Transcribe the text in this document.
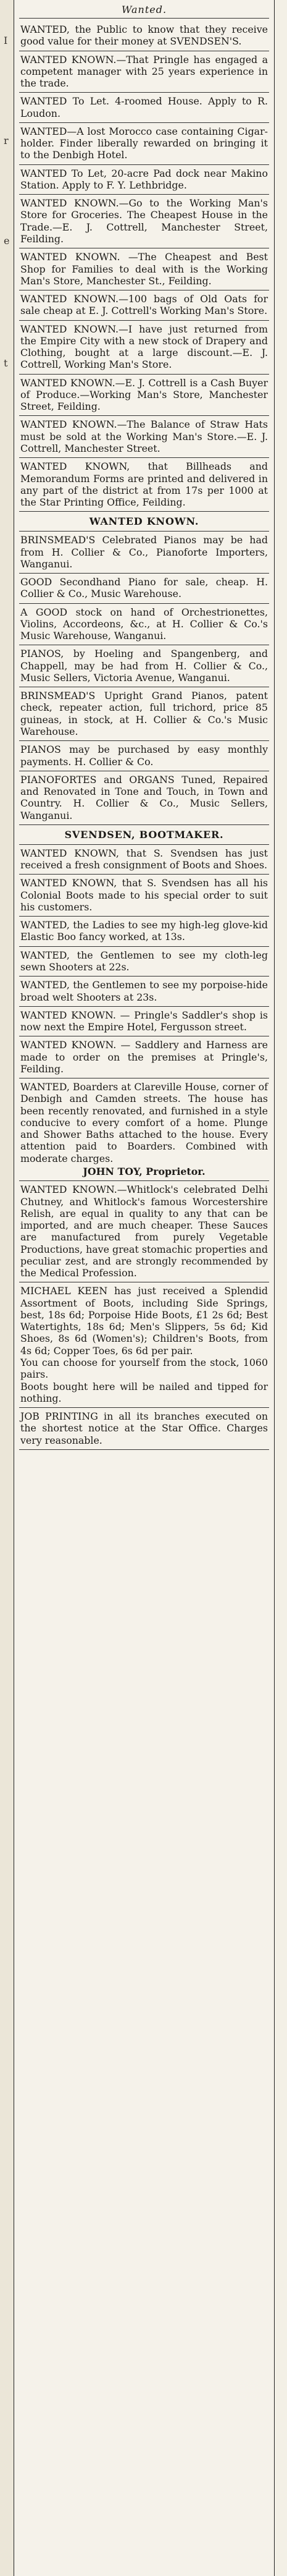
I
r
e
t
Wanted.
WANTED, the Public to know that they receive good value for their money at SVENDSEN'S.
WANTED KNOWN.—That Pringle has engaged a competent manager with 25 years experience in the trade.
WANTED To Let. 4-roomed House. Apply to R. Loudon.
WANTED—A lost Morocco case containing Cigar-holder. Finder liberally rewarded on bringing it to the Denbigh Hotel.
WANTED To Let, 20-acre Pad dock near Makino Station. Apply to F. Y. Lethbridge.
WANTED KNOWN.—Go to the Working Man's Store for Groceries. The Cheapest House in the Trade.—E. J. Cottrell, Manchester Street, Feilding.
WANTED KNOWN. —The Cheapest and Best Shop for Families to deal with is the Working Man's Store, Manchester St., Feilding.
WANTED KNOWN.—100 bags of Old Oats for sale cheap at E. J. Cottrell's Working Man's Store.
WANTED KNOWN.—I have just returned from the Empire City with a new stock of Drapery and Clothing, bought at a large discount.—E. J. Cottrell, Working Man's Store.
WANTED KNOWN.—E. J. Cottrell is a Cash Buyer of Produce.—Working Man's Store, Manchester Street, Feilding.
WANTED KNOWN.—The Balance of Straw Hats must be sold at the Working Man's Store.—E. J. Cottrell, Manchester Street.
WANTED KNOWN, that Billheads and Memorandum Forms are printed and delivered in any part of the district at from 17s per 1000 at the Star Printing Office, Feilding.
WANTED KNOWN.
BRINSMEAD'S Celebrated Pianos may be had from H. Collier & Co., Pianoforte Importers, Wanganui.
GOOD Secondhand Piano for sale, cheap. H. Collier & Co., Music Warehouse.
A GOOD stock on hand of Orchestrionettes, Violins, Accordeons, &c., at H. Collier & Co.'s Music Warehouse, Wanganui.
PIANOS, by Hoeling and Spangenberg, and Chappell, may be had from H. Collier & Co., Music Sellers, Victoria Avenue, Wanganui.
BRINSMEAD'S Upright Grand Pianos, patent check, repeater action, full trichord, price 85 guineas, in stock, at H. Collier & Co.'s Music Warehouse.
PIANOS may be purchased by easy monthly payments. H. Collier & Co.
PIANOFORTES and ORGANS Tuned, Repaired and Renovated in Tone and Touch, in Town and Country. H. Collier & Co., Music Sellers, Wanganui.
SVENDSEN, BOOTMAKER.
WANTED KNOWN, that S. Svendsen has just received a fresh consignment of Boots and Shoes.
WANTED KNOWN, that S. Svendsen has all his Colonial Boots made to his special order to suit his customers.
WANTED, the Ladies to see my high-leg glove-kid Elastic Boo fancy worked, at 13s.
WANTED, the Gentlemen to see my cloth-leg sewn Shooters at 22s.
WANTED, the Gentlemen to see my porpoise-hide broad welt Shooters at 23s.
WANTED KNOWN. — Pringle's Saddler's shop is now next the Empire Hotel, Fergusson street.
WANTED KNOWN. — Saddlery and Harness are made to order on the premises at Pringle's, Feilding.
WANTED, Boarders at Clareville House, corner of Denbigh and Camden streets. The house has been recently renovated, and furnished in a style conducive to every comfort of a home. Plunge and Shower Baths attached to the house. Every attention paid to Boarders. Combined with moderate charges.
JOHN TOY, Proprietor.
WANTED KNOWN.—Whitlock's celebrated Delhi Chutney, and Whitlock's famous Worcestershire Relish, are equal in quality to any that can be imported, and are much cheaper. These Sauces are manufactured from purely Vegetable Productions, have great stomachic properties and peculiar zest, and are strongly recommended by the Medical Profession.
MICHAEL KEEN has just received a Splendid Assortment of Boots, including Side Springs, best, 18s 6d; Porpoise Hide Boots, £1 2s 6d; Best Watertights, 18s 6d; Men's Slippers, 5s 6d; Kid Shoes, 8s 6d (Women's); Children's Boots, from 4s 6d; Copper Toes, 6s 6d per pair.
You can choose for yourself from the stock, 1060 pairs.
Boots bought here will be nailed and tipped for nothing.
JOB PRINTING in all its branches executed on the shortest notice at the Star Office. Charges very reasonable.
